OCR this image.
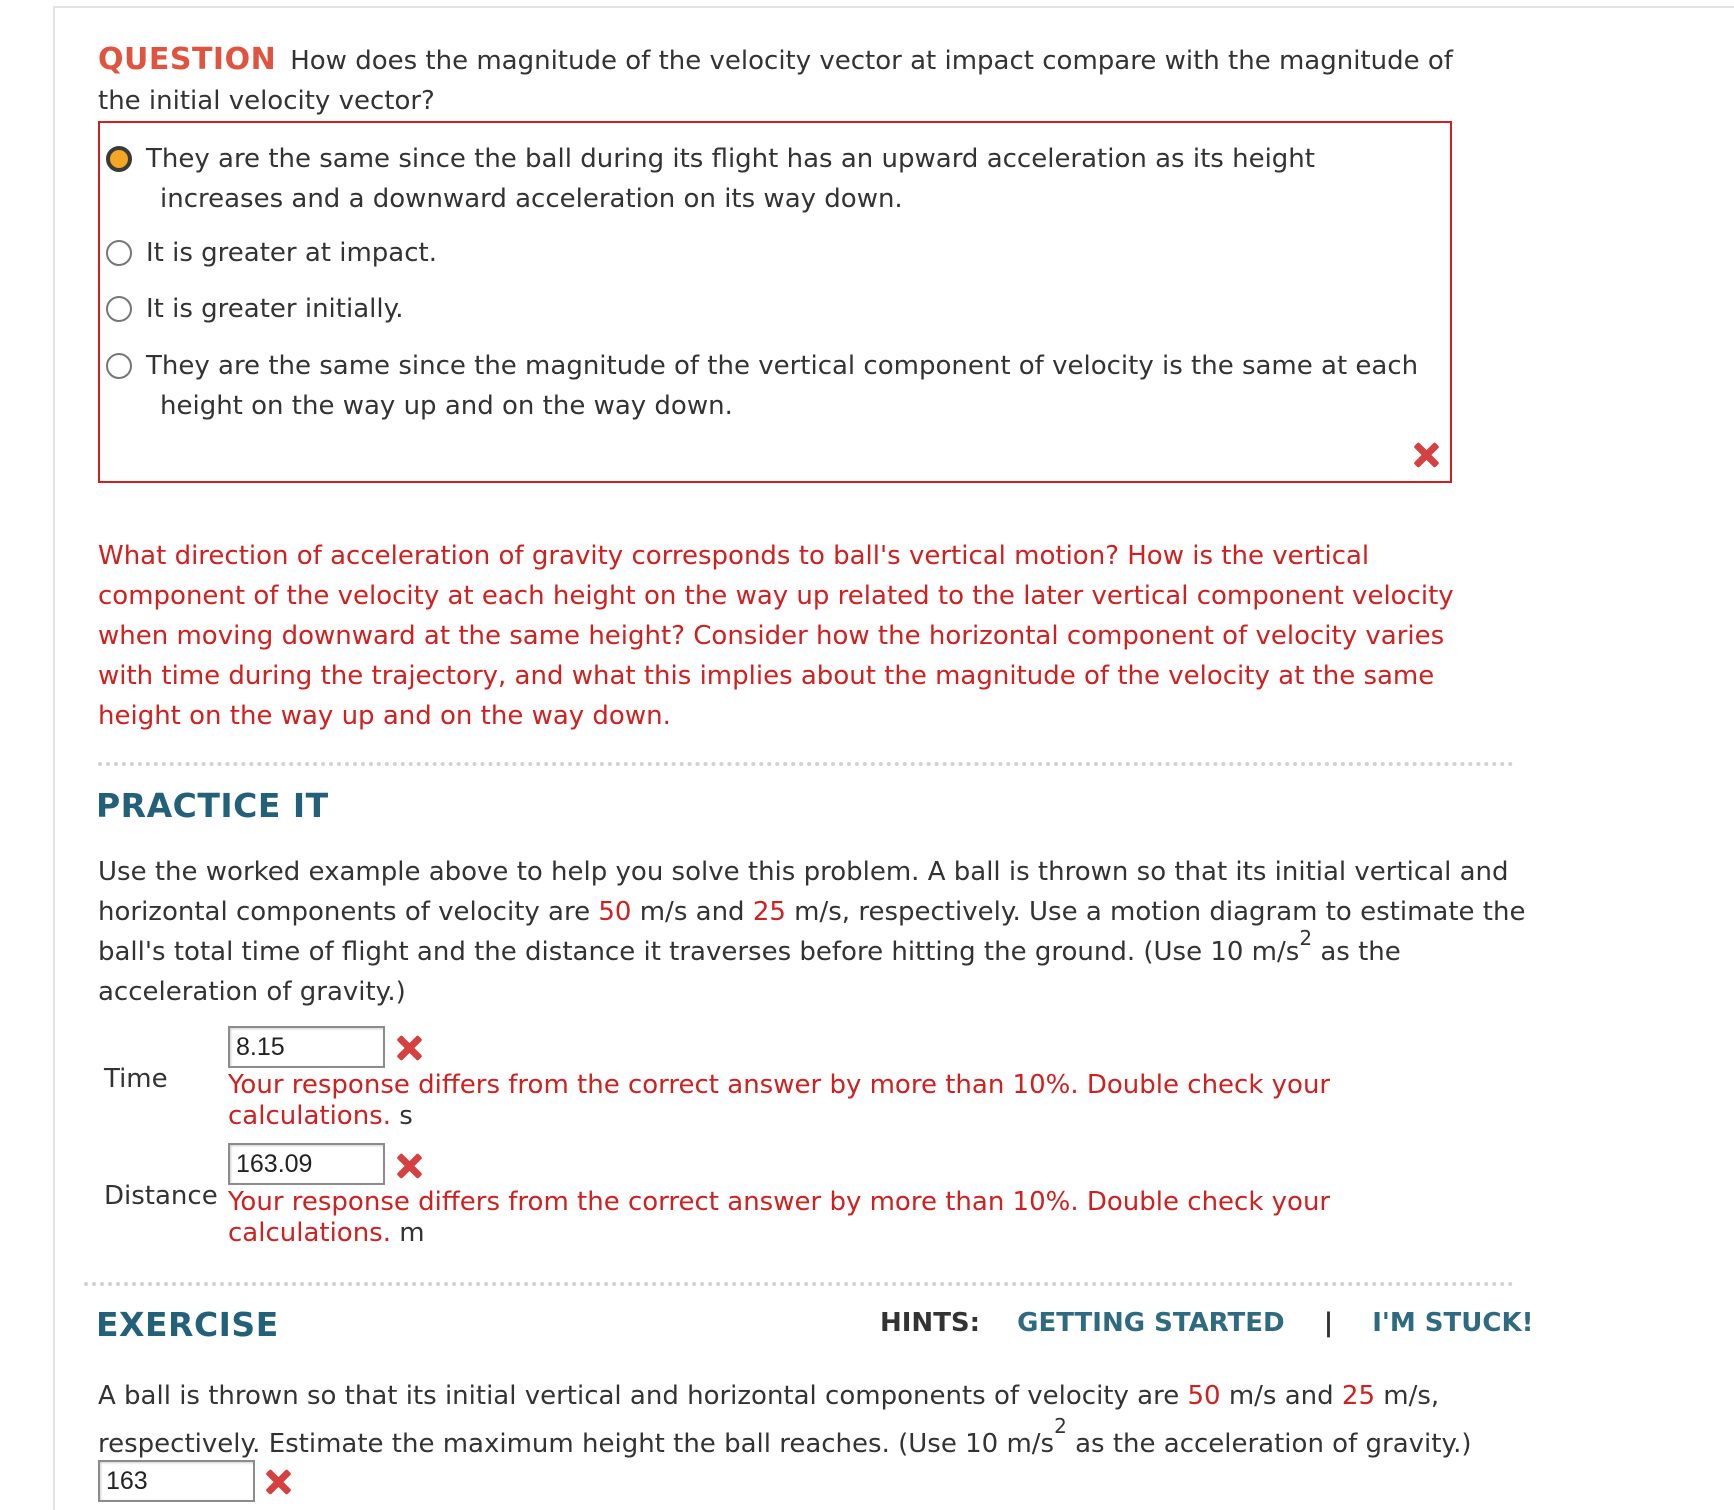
QUESTION How does the magnitude of the velocity vector at impact compare with the magnitude of the initial velocity vector?
They are the same since the ball during its flight has an upward acceleration as its height increases and a downward acceleration on its way down.
It is greater at impact.
It is greater initially.
They are the same since the magnitude of the vertical component of velocity is the same at each height on the way up and on the way down.
What direction of acceleration of gravity corresponds to ball's vertical motion? How is the vertical component of the velocity at each height on the way up related to the later vertical component velocity when moving downward at the same height? Consider how the horizontal component of velocity varies with time during the trajectory, and what this implies about the magnitude of the velocity at the same height on the way up and on the way down.
PRACTICE IT
Use the worked example above to help you solve this problem. A ball is thrown so that its initial vertical and horizontal components of velocity are 50 m/s and 25 m/s, respectively. Use a motion diagram to estimate the ball's total time of flight and the distance it traverses before hitting the ground. (Use 10 $m/s^2$ as the acceleration of gravity.)
8.15
Time Your response differs from the correct answer by more than 10%. Double check your calculations. s
163.09
Distance Your response differs from the correct answer by more than 10%. Double check your calculations. m
EXERCISE	HINTS: GETTING STARTED | I'M STUCK!
A ball is thrown so that its initial vertical and horizontal components of velocity are 50 m/s and 25 m/s, respectively. Estimate the maximum height the ball reaches. (Use 10 $m/s^2$ as the acceleration of gravity.)
163
